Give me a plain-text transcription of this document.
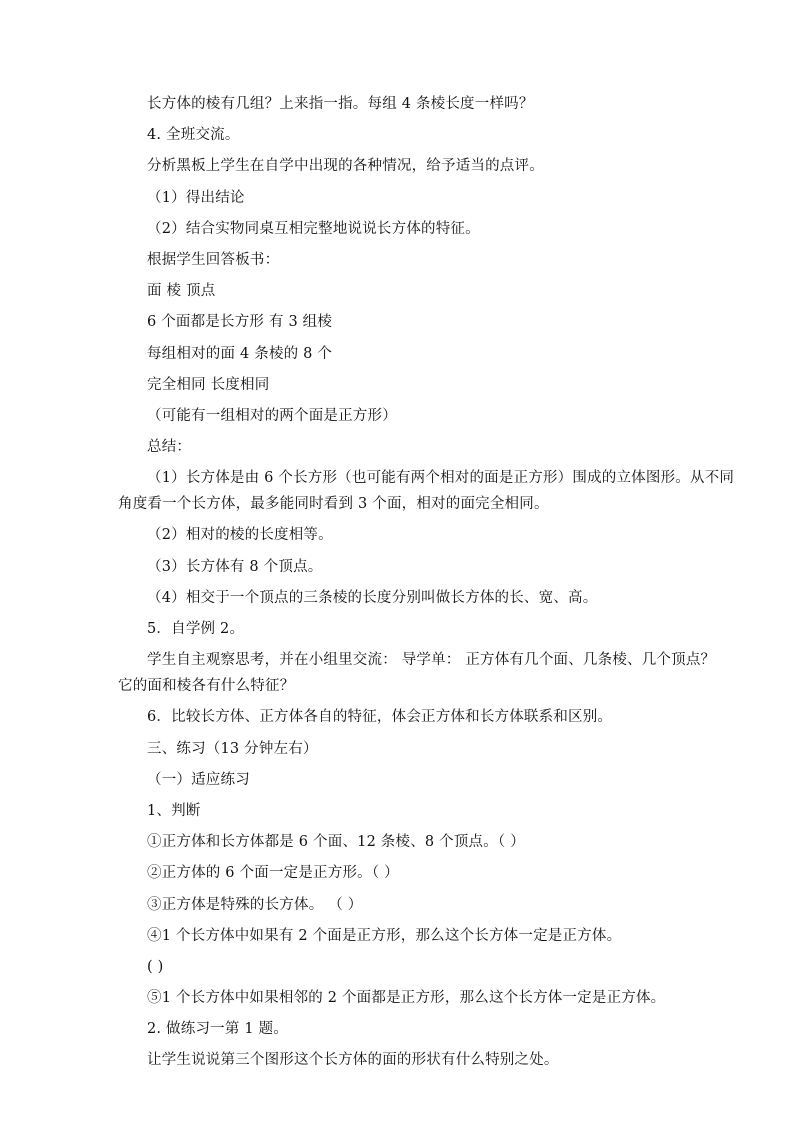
长方体的棱有几组？上来指一指。每组 4 条棱长度一样吗？

4. 全班交流。

分析黑板上学生在自学中出现的各种情况，给予适当的点评。

（1）得出结论

（2）结合实物同桌互相完整地说说长方体的特征。

根据学生回答板书：

面 棱 顶点

6 个面都是长方形 有 3 组棱

每组相对的面 4 条棱的 8 个

完全相同 长度相同

（可能有一组相对的两个面是正方形）

总结：

（1）长方体是由 6 个长方形（也可能有两个相对的面是正方形）围成的立体图形。从不同

角度看一个长方体，最多能同时看到 3 个面，相对的面完全相同。

（2）相对的棱的长度相等。

（3）长方体有 8 个顶点。

（4）相交于一个顶点的三条棱的长度分别叫做长方体的长、宽、高。

5．自学例 2。

学生自主观察思考，并在小组里交流： 导学单： 正方体有几个面、几条棱、几个顶点？

它的面和棱各有什么特征？

6．比较长方体、正方体各自的特征，体会正方体和长方体联系和区别。

三、练习（13 分钟左右）

（一）适应练习

1、判断

①正方体和长方体都是 6 个面、12 条棱、8 个顶点。（ ）

②正方体的 6 个面一定是正方形。（ ）

③正方体是特殊的长方体。 （ ）

④1 个长方体中如果有 2 个面是正方形，那么这个长方体一定是正方体。

( )

⑤1 个长方体中如果相邻的 2 个面都是正方形，那么这个长方体一定是正方体。

2. 做练习一第 1 题。

让学生说说第三个图形这个长方体的面的形状有什么特别之处。
